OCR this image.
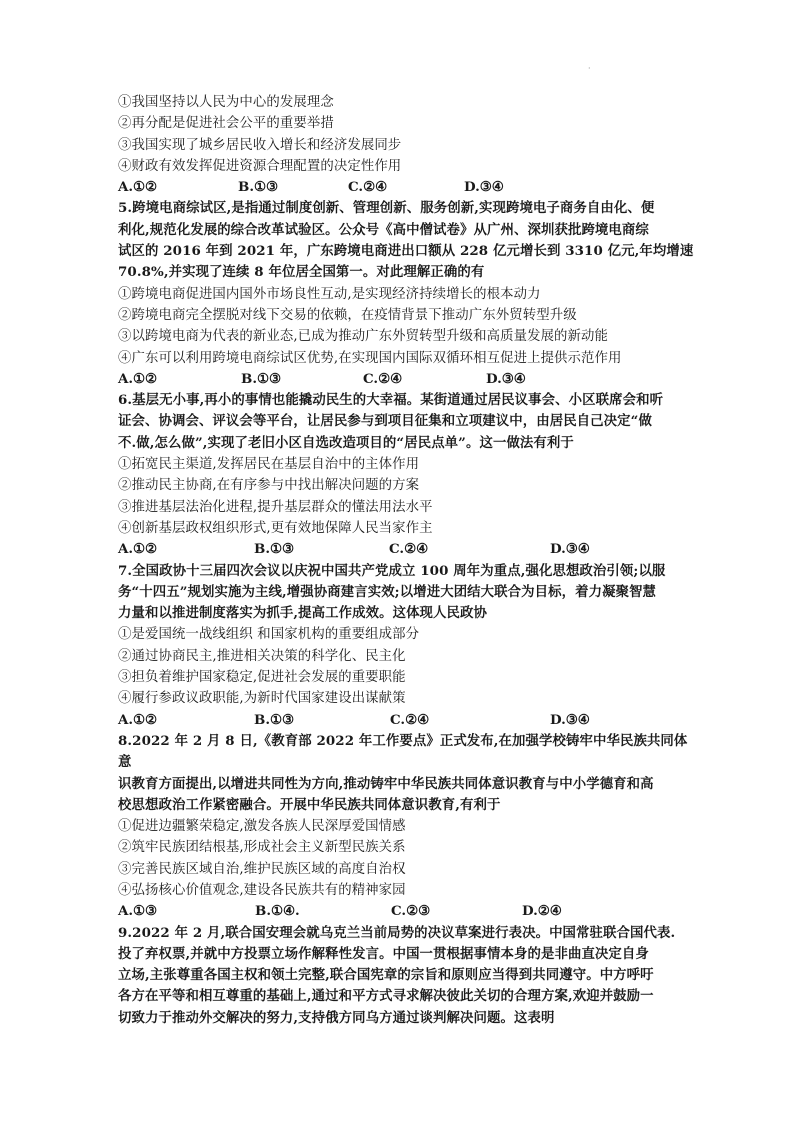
·
①我国坚持以人民为中心的发展理念
②再分配是促进社会公平的重要举措
③我国实现了城乡居民收入增长和经济发展同步
④财政有效发挥促进资源合理配置的决定性作用
A.①②	B.①③	C.②④	D.③④
5.跨境电商综试区,是指通过制度创新、管理创新、服务创新,实现跨境电子商务自由化、便
利化,规范化发展的综合改革试验区。公众号《高中僧试卷》从广州、深圳获批跨境电商综
试区的 2016 年到 2021 年，广东跨境电商进出口额从 228 亿元增长到 3310 亿元,年均增速
70.8%,并实现了连续 8 年位居全国第一。对此理解正确的有
①跨境电商促进国内国外市场良性互动,是实现经济持续增长的根本动力
②跨境电商完全摆脱对线下交易的依赖，在疫情背景下推动广东外贸转型升级
③以跨境电商为代表的新业态,已成为推动广东外贸转型升级和高质量发展的新动能
④广东可以利用跨境电商综试区优势,在实现国内国际双循环相互促进上提供示范作用
A.①②	B.①③	C.②④	D.③④
6.基层无小事,再小的事情也能撬动民生的大幸福。某街道通过居民议事会、小区联席会和听
证会、协调会、评议会等平台，让居民参与到项目征集和立项建议中，由居民自己决定“做
不.做,怎么做”,实现了老旧小区自选改造项目的“居民点单”。这一做法有利于
①拓宽民主渠道,发挥居民在基层自治中的主体作用
②推动民主协商,在有序参与中找出解决问题的方案
③推进基层法治化进程,提升基层群众的懂法用法水平
④创新基层政权组织形式,更有效地保障人民当家作主
A.①②	B.①③	C.②④	D.③④
7.全国政协十三届四次会议以庆祝中国共产党成立 100 周年为重点,强化思想政治引领;以服
务“十四五”规划实施为主线,增强协商建言实效;以增进大团结大联合为目标，着力凝聚智慧
力量和以推进制度落实为抓手,提高工作成效。这体现人民政协
①是爱国统一战线组织 和国家机构的重要组成部分
②通过协商民主,推进相关决策的科学化、民主化
③担负着维护国家稳定,促进社会发展的重要职能
④履行参政议政职能,为新时代国家建设出谋献策
A.①②	B.①③	C.②④	D.③④
8.2022 年 2 月 8 日,《教育部 2022 年工作要点》正式发布,在加强学校铸牢中华民族共同体
意
识教育方面提出,以增进共同性为方向,推动铸牢中华民族共同体意识教育与中小学德育和高
校思想政治工作紧密融合。开展中华民族共同体意识教育,有利于
①促进边疆繁荣稳定,激发各族人民深厚爱国情感
②筑牢民族团结根基,形成社会主义新型民族关系
③完善民族区域自治,维护民族区域的高度自治权
④弘扬核心价值观念,建设各民族共有的精神家园
A.①③	B.①④.	C.②③	D.②④
9.2022 年 2 月,联合国安理会就乌克兰当前局势的决议草案进行表决。中国常驻联合国代表.
投了弃权票,并就中方投票立场作解释性发言。中国一贯根据事情本身的是非曲直决定自身
立场,主张尊重各国主权和领土完整,联合国宪章的宗旨和原则应当得到共同遵守。中方呼吁
各方在平等和相互尊重的基础上,通过和平方式寻求解决彼此关切的合理方案,欢迎并鼓励一
切致力于推动外交解决的努力,支持俄方同乌方通过谈判解决问题。这表明
